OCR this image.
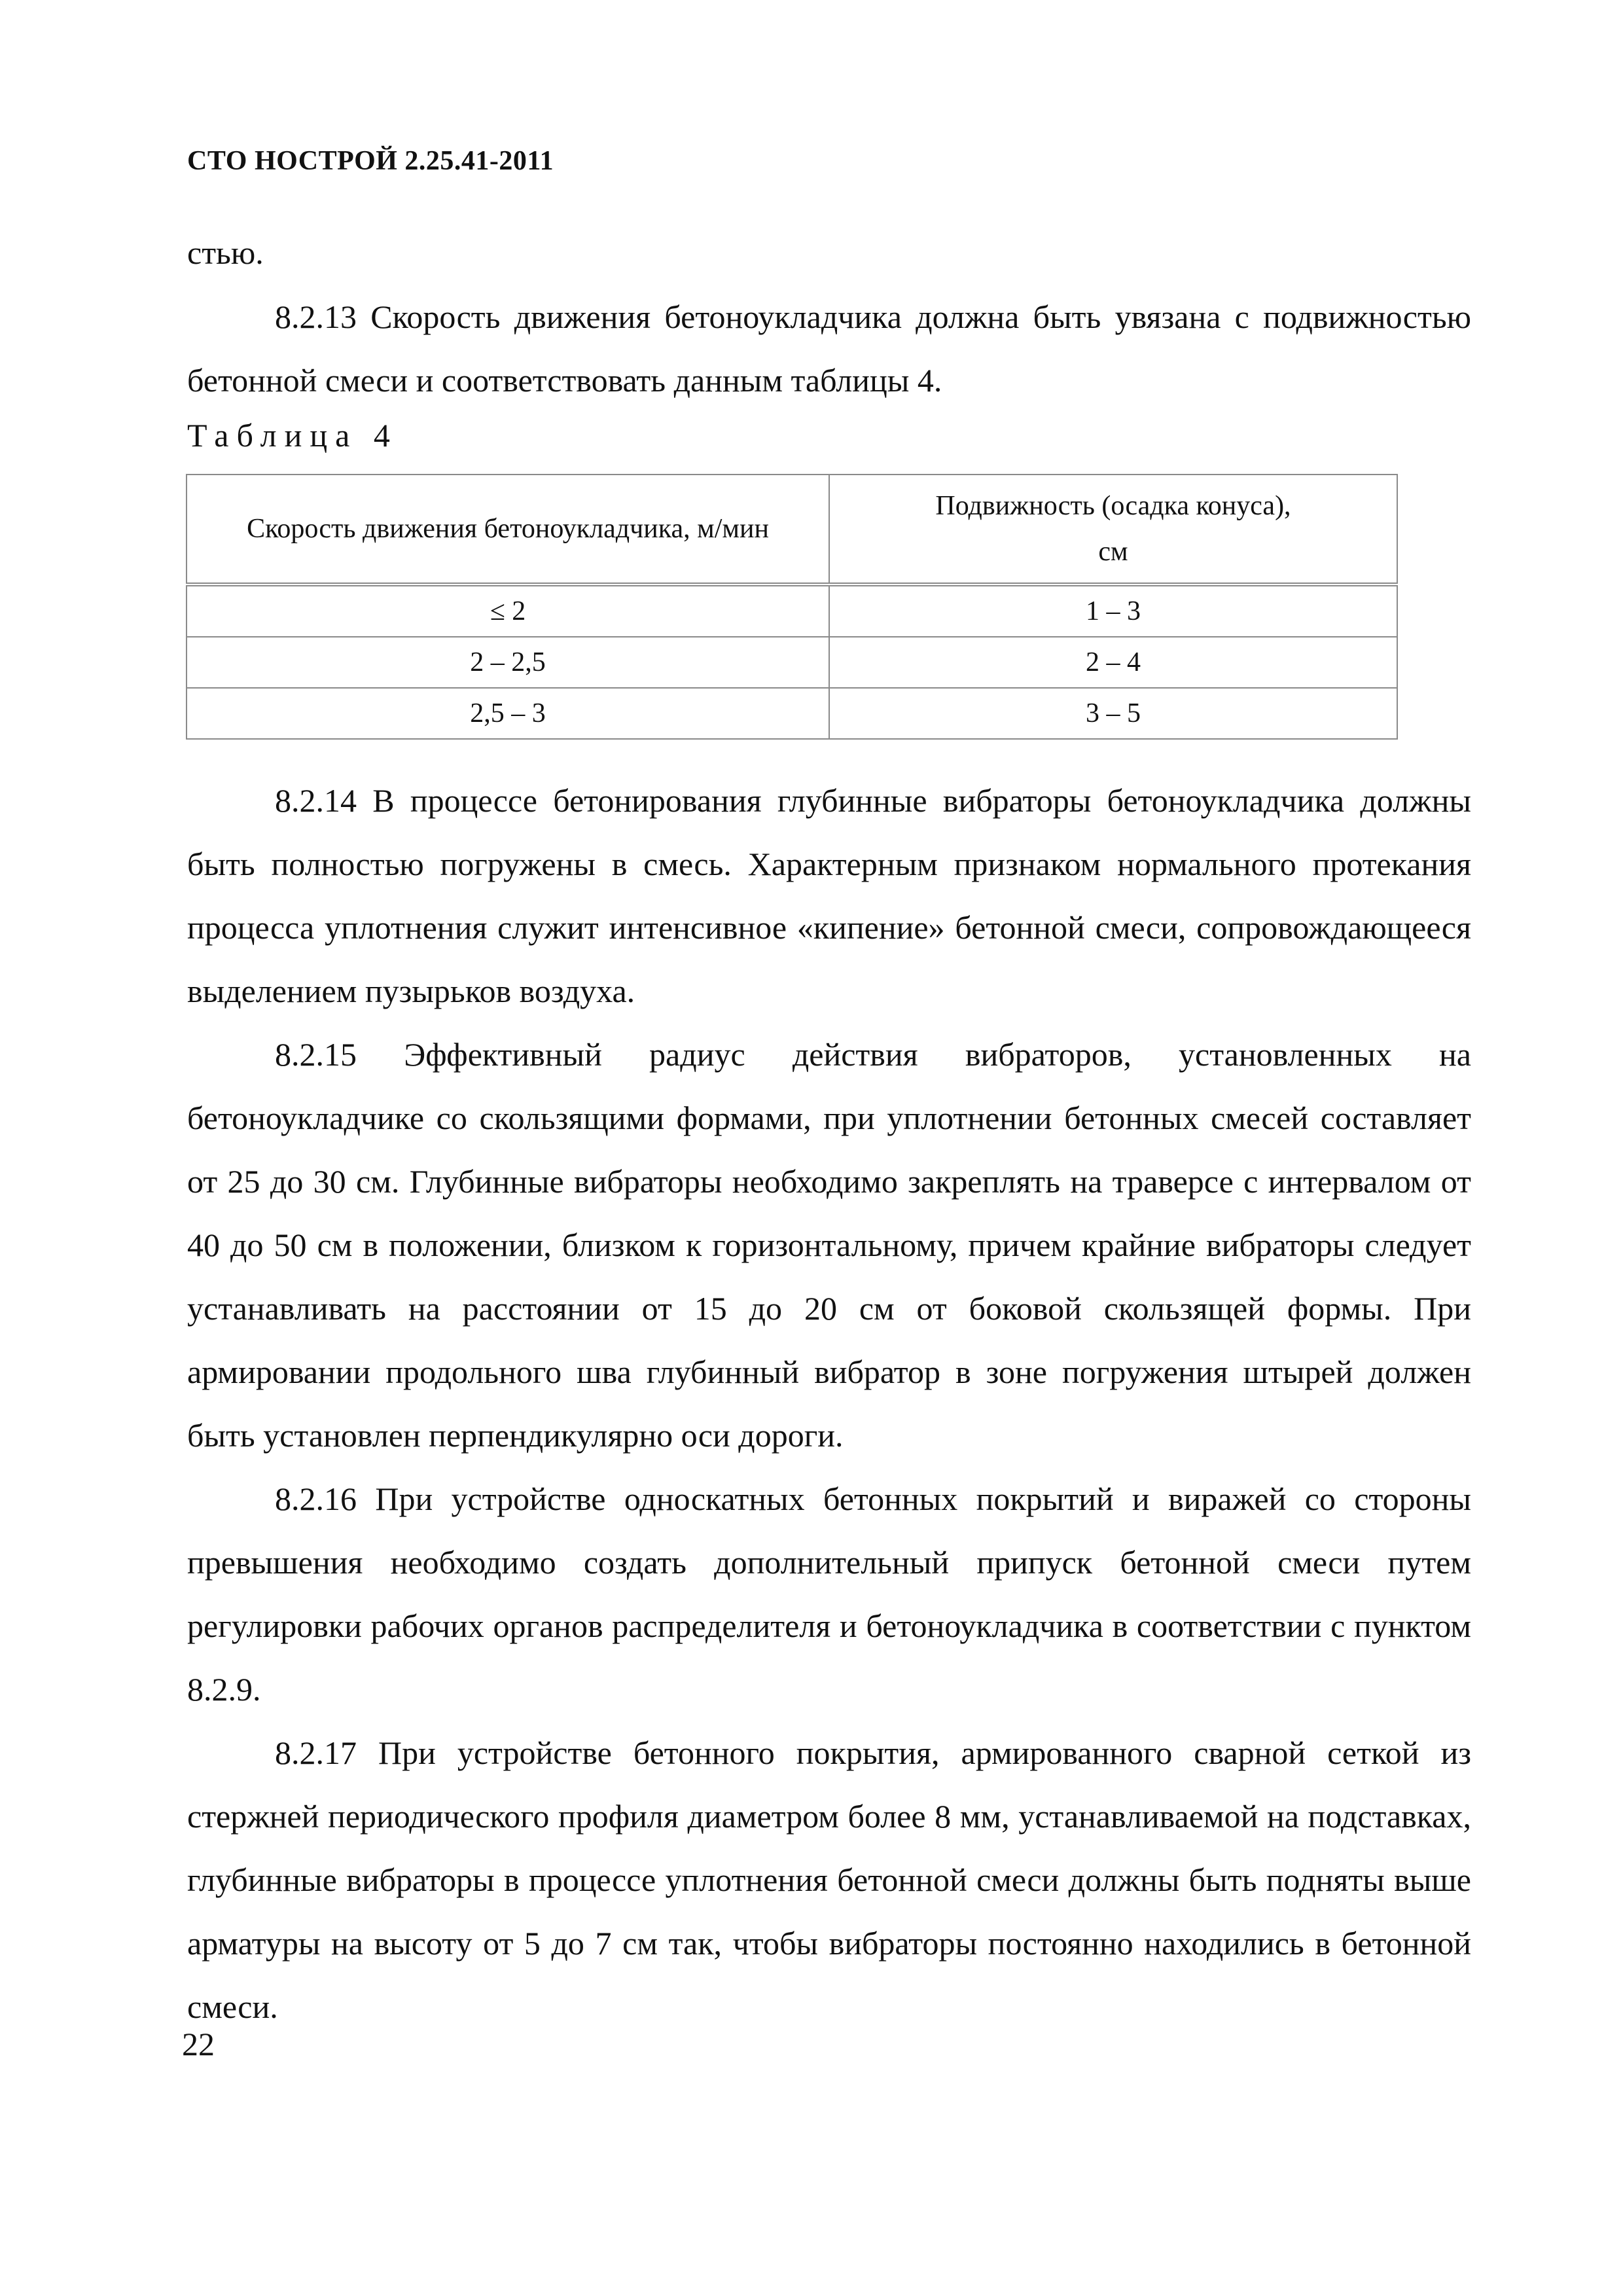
СТО НОСТРОЙ 2.25.41-2011

стью.

8.2.13 Скорость движения бетоноукладчика должна быть увязана с подвижностью бетонной смеси и соответствовать данным таблицы 4.

Таблица 4
Скорость движения бетоноукладчика, м/мин	Подвижность (осадка конуса),
см

≤ 2	1 – 3
2 – 2,5	2 – 4
2,5 – 3	3 – 5

8.2.14 В процессе бетонирования глубинные вибраторы бетоноукладчика должны быть полностью погружены в смесь. Характерным признаком нормального протекания процесса уплотнения служит интенсивное «кипение» бетонной смеси, сопровождающееся выделением пузырьков воздуха.

8.2.15 Эффективный радиус действия вибраторов, установленных на бетоноукладчике со скользящими формами, при уплотнении бетонных смесей составляет от 25 до 30 см. Глубинные вибраторы необходимо закреплять на траверсе с интервалом от 40 до 50 см в положении, близком к горизонтальному, причем крайние вибраторы следует устанавливать на расстоянии от 15 до 20 см от боковой скользящей формы. При армировании продольного шва глубинный вибратор в зоне погружения штырей должен быть установлен перпендикулярно оси дороги.

8.2.16 При устройстве односкатных бетонных покрытий и виражей со стороны превышения необходимо создать дополнительный припуск бетонной смеси путем регулировки рабочих органов распределителя и бетоноукладчика в соответствии с пунктом 8.2.9.

8.2.17 При устройстве бетонного покрытия, армированного сварной сеткой из стержней периодического профиля диаметром более 8 мм, устанавливаемой на подставках, глубинные вибраторы в процессе уплотнения бетонной смеси должны быть подняты выше арматуры на высоту от 5 до 7 см так, чтобы вибраторы постоянно находились в бетонной смеси.

22
